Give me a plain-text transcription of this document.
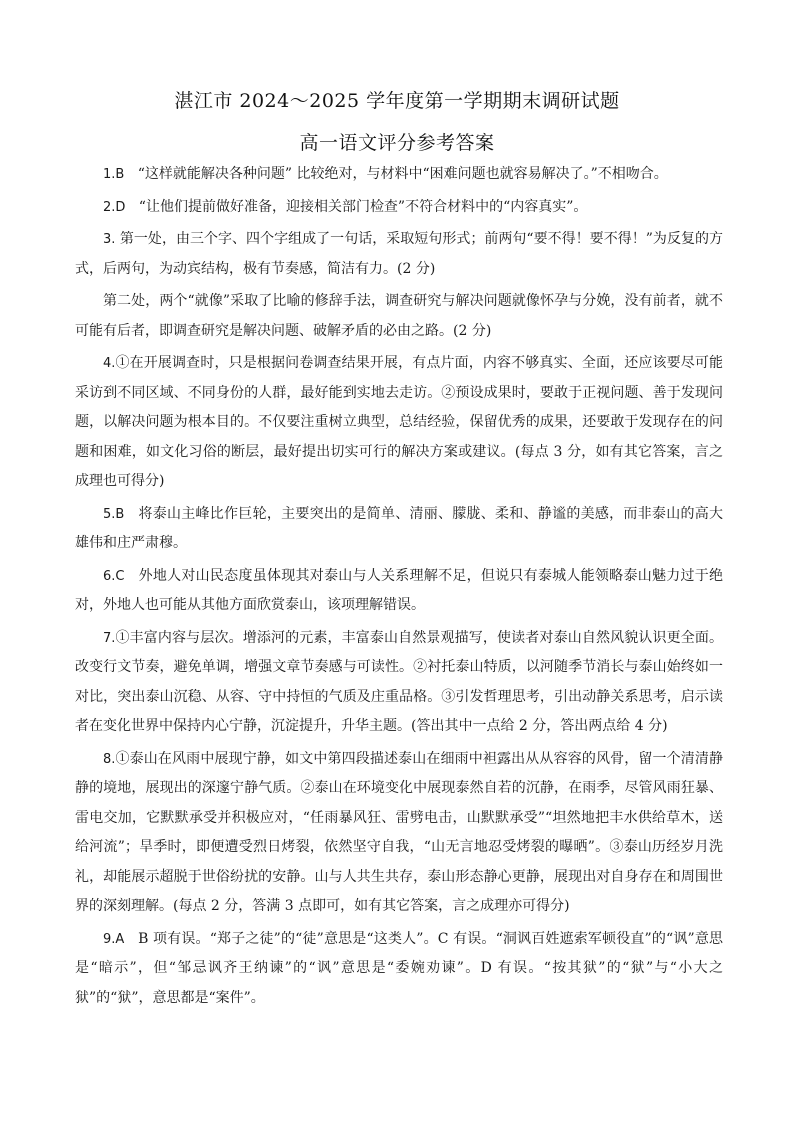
湛江市 2024～2025 学年度第一学期期末调研试题
高一语文评分参考答案

1.B “这样就能解决各种问题” 比较绝对，与材料中“困难问题也就容易解决了。”不相吻合。

2.D “让他们提前做好准备，迎接相关部门检查”不符合材料中的“内容真实”。

3. 第一处，由三个字、四个字组成了一句话，采取短句形式；前两句“要不得！要不得！”为反复的方式，后两句，为动宾结构，极有节奏感，简洁有力。(2 分)

第二处，两个“就像”采取了比喻的修辞手法，调查研究与解决问题就像怀孕与分娩，没有前者，就不可能有后者，即调查研究是解决问题、破解矛盾的必由之路。(2 分)

4.①在开展调查时，只是根据问卷调查结果开展，有点片面，内容不够真实、全面，还应该要尽可能采访到不同区域、不同身份的人群，最好能到实地去走访。②预设成果时，要敢于正视问题、善于发现问题，以解决问题为根本目的。不仅要注重树立典型，总结经验，保留优秀的成果，还要敢于发现存在的问题和困难，如文化习俗的断层，最好提出切实可行的解决方案或建议。(每点 3 分，如有其它答案，言之成理也可得分)

5.B 将泰山主峰比作巨轮，主要突出的是简单、清丽、朦胧、柔和、静谧的美感，而非泰山的高大雄伟和庄严肃穆。

6.C 外地人对山民态度虽体现其对泰山与人关系理解不足，但说只有泰城人能领略泰山魅力过于绝对，外地人也可能从其他方面欣赏泰山，该项理解错误。

7.①丰富内容与层次。增添河的元素，丰富泰山自然景观描写，使读者对泰山自然风貌认识更全面。改变行文节奏，避免单调，增强文章节奏感与可读性。②衬托泰山特质，以河随季节消长与泰山始终如一对比，突出泰山沉稳、从容、守中持恒的气质及庄重品格。③引发哲理思考，引出动静关系思考，启示读者在变化世界中保持内心宁静，沉淀提升，升华主题。(答出其中一点给 2 分，答出两点给 4 分)

8.①泰山在风雨中展现宁静，如文中第四段描述泰山在细雨中袒露出从从容容的风骨，留一个清清静静的境地，展现出的深邃宁静气质。②泰山在环境变化中展现泰然自若的沉静，在雨季，尽管风雨狂暴、雷电交加，它默默承受并积极应对，“任雨暴风狂、雷劈电击，山默默承受”“坦然地把丰水供给草木，送给河流”；旱季时，即便遭受烈日烤裂，依然坚守自我，“山无言地忍受烤裂的曝晒”。③泰山历经岁月洗礼，却能展示超脱于世俗纷扰的安静。山与人共生共存，泰山形态静心更静，展现出对自身存在和周围世界的深刻理解。(每点 2 分，答满 3 点即可，如有其它答案，言之成理亦可得分)

9.A B 项有误。“郑子之徒”的“徒”意思是“这类人”。C 有误。“洞讽百姓遮索军顿役直”的“讽”意思是“暗示”，但“邹忌讽齐王纳谏”的“讽”意思是“委婉劝谏”。D 有误。“按其狱”的“狱”与“小大之狱”的“狱”，意思都是“案件”。
